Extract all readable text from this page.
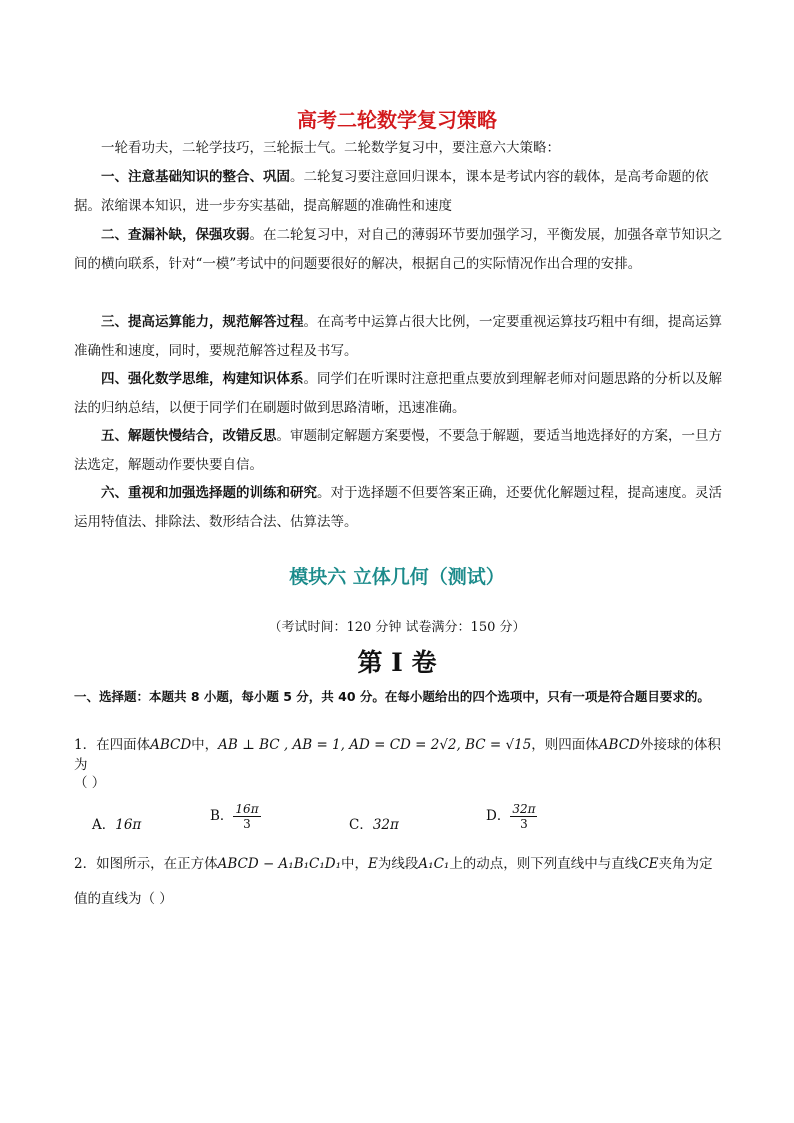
高考二轮数学复习策略
一轮看功夫，二轮学技巧，三轮振士气。二轮数学复习中，要注意六大策略：
一、注意基础知识的整合、巩固。二轮复习要注意回归课本，课本是考试内容的载体，是高考命题的依据。浓缩课本知识，进一步夯实基础，提高解题的准确性和速度
二、查漏补缺，保强攻弱。在二轮复习中，对自己的薄弱环节要加强学习，平衡发展，加强各章节知识之间的横向联系，针对“一模”考试中的问题要很好的解决，根据自己的实际情况作出合理的安排。
三、提高运算能力，规范解答过程。在高考中运算占很大比例，一定要重视运算技巧粗中有细，提高运算准确性和速度，同时，要规范解答过程及书写。
四、强化数学思维，构建知识体系。同学们在听课时注意把重点要放到理解老师对问题思路的分析以及解法的归纳总结，以便于同学们在刷题时做到思路清晰，迅速准确。
五、解题快慢结合，改错反思。审题制定解题方案要慢，不要急于解题，要适当地选择好的方案，一旦方法选定，解题动作要快要自信。
六、重视和加强选择题的训练和研究。对于选择题不但要答案正确，还要优化解题过程，提高速度。灵活运用特值法、排除法、数形结合法、估算法等。
模块六 立体几何（测试）
（考试时间：120 分钟 试卷满分：150 分）
第 I 卷
一、选择题：本题共 8 小题，每小题 5 分，共 40 分。在每小题给出的四个选项中，只有一项是符合题目要求的。
1．在四面体ABCD中，AB ⊥ BC , AB = 1, AD = CD = 2√2, BC = √15，则四面体ABCD外接球的体积为
（ ）
A．16π
B． $\frac{16\pi}{3}$	C．32π
D． $\frac{32\pi}{3}$
2．如图所示，在正方体ABCD − A₁B₁C₁D₁中，E为线段A₁C₁上的动点，则下列直线中与直线CE夹角为定
值的直线为（ ）
